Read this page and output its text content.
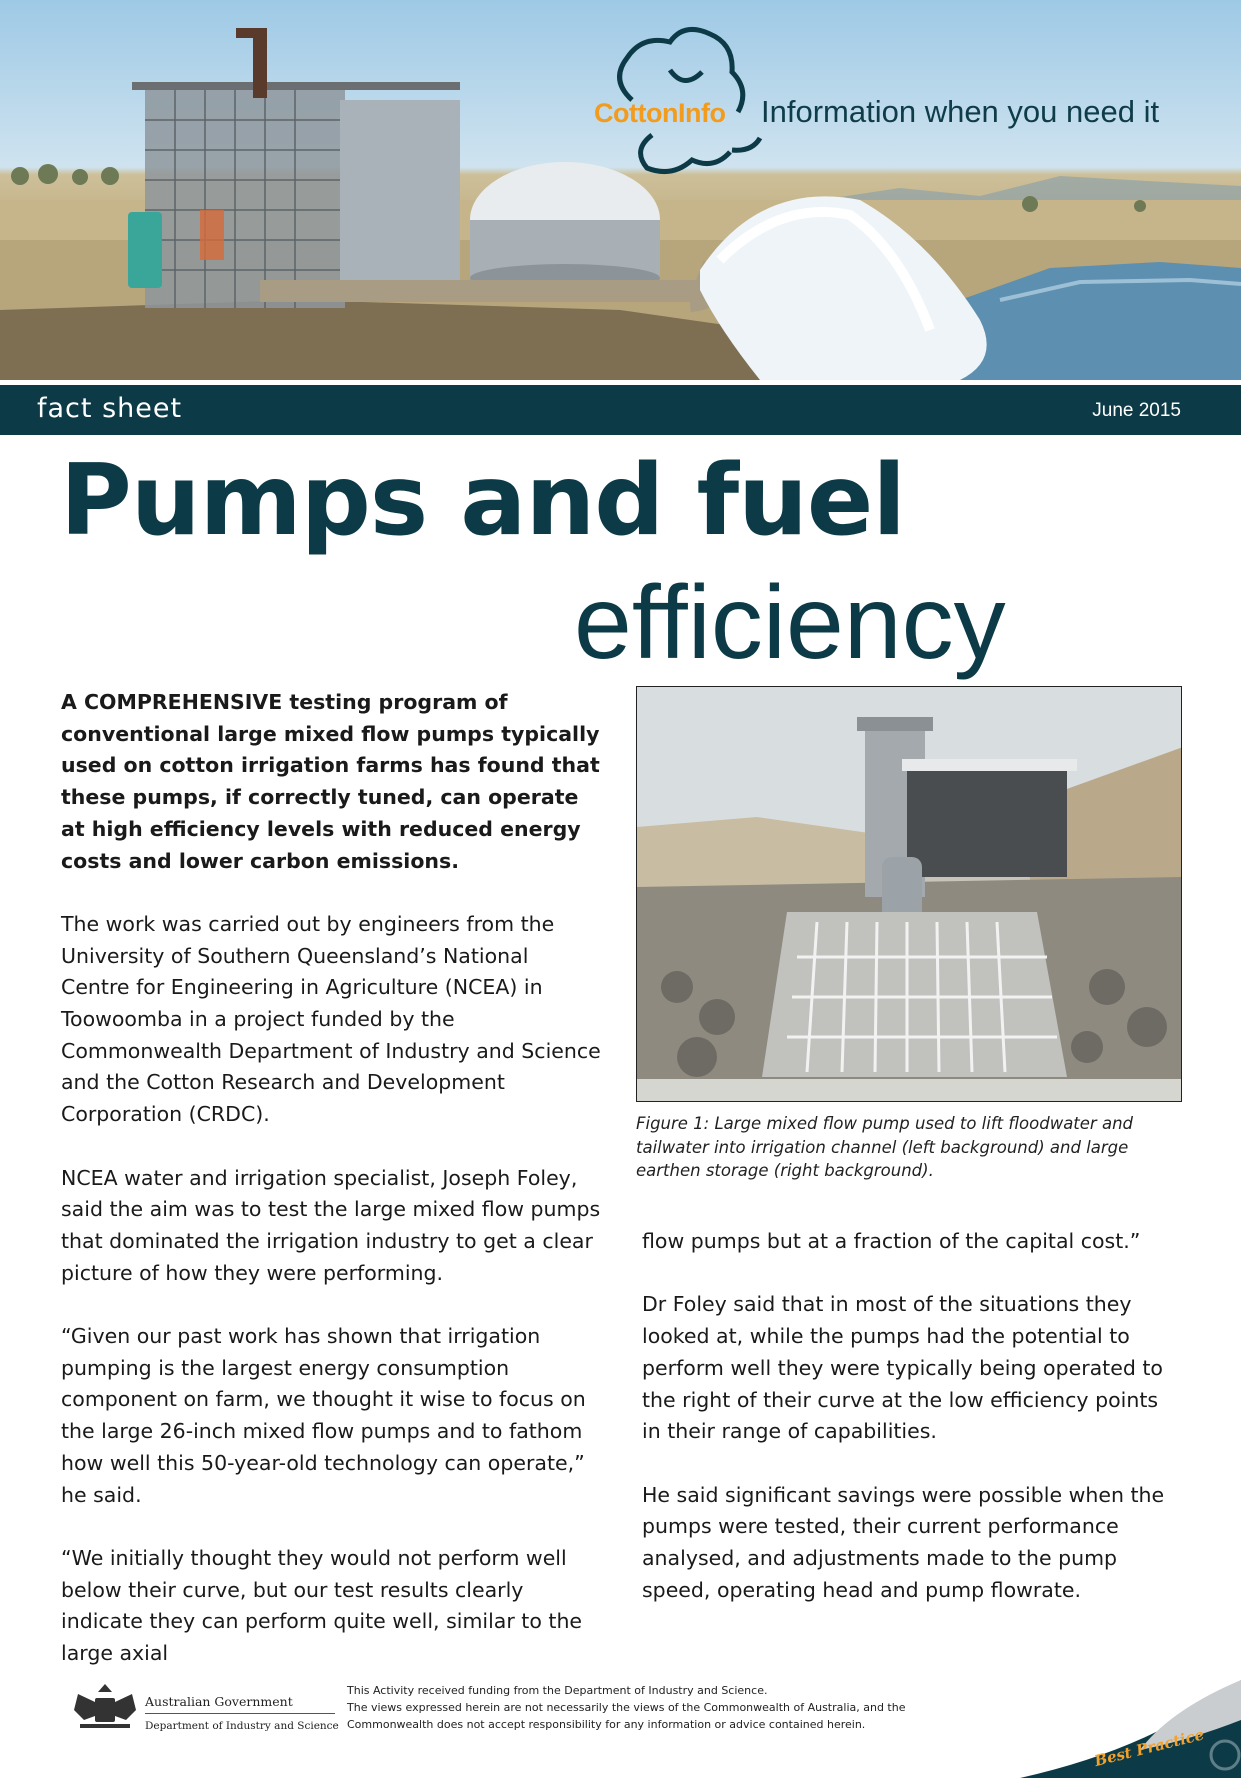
CottonInfo Information when you need it
fact sheet	June 2015
Pumps and fuel
efficiency

A COMPREHENSIVE testing program of conventional large mixed flow pumps typically used on cotton irrigation farms has found that these pumps, if correctly tuned, can operate at high efficiency levels with reduced energy costs and lower carbon emissions.

The work was carried out by engineers from the University of Southern Queensland’s National Centre for Engineering in Agriculture (NCEA) in Toowoomba in a project funded by the Commonwealth Department of Industry and Science and the Cotton Research and Development Corporation (CRDC).

NCEA water and irrigation specialist, Joseph Foley, said the aim was to test the large mixed flow pumps that dominated the irrigation industry to get a clear picture of how they were performing.

“Given our past work has shown that irrigation pumping is the largest energy consumption component on farm, we thought it wise to focus on the large 26-inch mixed flow pumps and to fathom how well this 50-year-old technology can operate,” he said.

“We initially thought they would not perform well below their curve, but our test results clearly indicate they can perform quite well, similar to the large axial

Figure 1: Large mixed flow pump used to lift floodwater and tailwater into irrigation channel (left background) and large earthen storage (right background).

flow pumps but at a fraction of the capital cost.”

Dr Foley said that in most of the situations they looked at, while the pumps had the potential to perform well they were typically being operated to the right of their curve at the low efficiency points in their range of capabilities.

He said significant savings were possible when the pumps were tested, their current performance analysed, and adjustments made to the pump speed, operating head and pump flowrate.

Australian Government
Department of Industry and Science
This Activity received funding from the Department of Industry and Science.
The views expressed herein are not necessarily the views of the Commonwealth of Australia, and the
Commonwealth does not accept responsibility for any information or advice contained herein.
Best Practice
